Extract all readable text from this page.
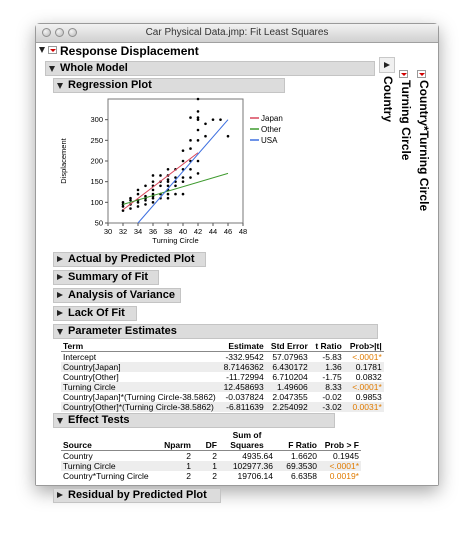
Car Physical Data.jmp: Fit Least Squares
Response Displacement
Whole Model
Country Turning Circle Country*Turning Circle
Regression Plot
30 32 34 36 38 40 42 44 46 48
50
100
150
200
250
300
Turning Circle
Displacement
Japan
Other
USA
Actual by Predicted Plot
Summary of Fit
Analysis of Variance
Lack Of Fit
Parameter Estimates
Term	Estimate	Std Error	t Ratio	Prob>|t|
Intercept	-332.9542	57.07963	-5.83	<.0001*
Country[Japan]	8.7146362	6.430172	1.36	0.1781
Country[Other]	-11.72994	6.710204	-1.75	0.0832
Turning Circle	12.458693	1.49606	8.33	<.0001*
Country[Japan]*(Turning Circle-38.5862)	-0.037824	2.047355	-0.02	0.9853
Country[Other]*(Turning Circle-38.5862)	-6.811639	2.254092	-3.02	0.0031*
Effect Tests
			Sum of		
Source	Nparm	DF	Squares	F Ratio	Prob > F
Country	2	2	4935.64	1.6620	0.1945
Turning Circle	1	1	102977.36	69.3530	<.0001*
Country*Turning Circle	2	2	19706.14	6.6358	0.0019*
Residual by Predicted Plot
